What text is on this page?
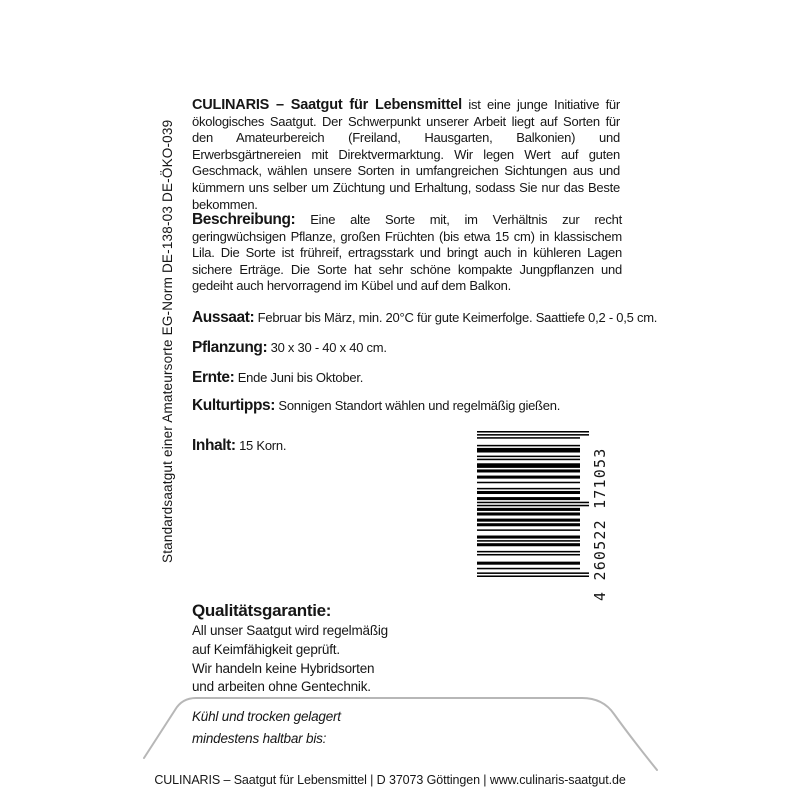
Standardsaatgut einer Amateursorte EG-Norm DE-138-03 DE-ÖKO-039

CULINARIS – Saatgut für Lebensmittel ist eine junge Initiative für ökologisches Saatgut. Der Schwerpunkt unserer Arbeit liegt auf Sorten für den Amateurbereich (Freiland, Hausgarten, Balkonien) und Erwerbsgärtnereien mit Direktvermarktung. Wir legen Wert auf guten Geschmack, wählen unsere Sorten in umfangreichen Sichtungen aus und kümmern uns selber um Züchtung und Erhaltung, sodass Sie nur das Beste bekommen.

Beschreibung: Eine alte Sorte mit, im Verhältnis zur recht geringwüchsigen Pflanze, großen Früchten (bis etwa 15 cm) in klassischem Lila. Die Sorte ist frühreif, ertragsstark und bringt auch in kühleren Lagen sichere Erträge. Die Sorte hat sehr schöne kompakte Jungpflanzen und gedeiht auch hervorragend im Kübel und auf dem Balkon.

Aussaat: Februar bis März, min. 20°C für gute Keimerfolge. Saattiefe 0,2 - 0,5 cm.
Pflanzung: 30 x 30 - 40 x 40 cm.
Ernte: Ende Juni bis Oktober.
Kulturtipps: Sonnigen Standort wählen und regelmäßig gießen.
Inhalt: 15 Korn.
4 260522 171053

Qualitätsgarantie:

All unser Saatgut wird regelmäßig
auf Keimfähigkeit geprüft.
Wir handeln keine Hybridsorten
und arbeiten ohne Gentechnik.
Kühl und trocken gelagert
mindestens haltbar bis:
CULINARIS – Saatgut für Lebensmittel | D 37073 Göttingen | www.culinaris-saatgut.de
